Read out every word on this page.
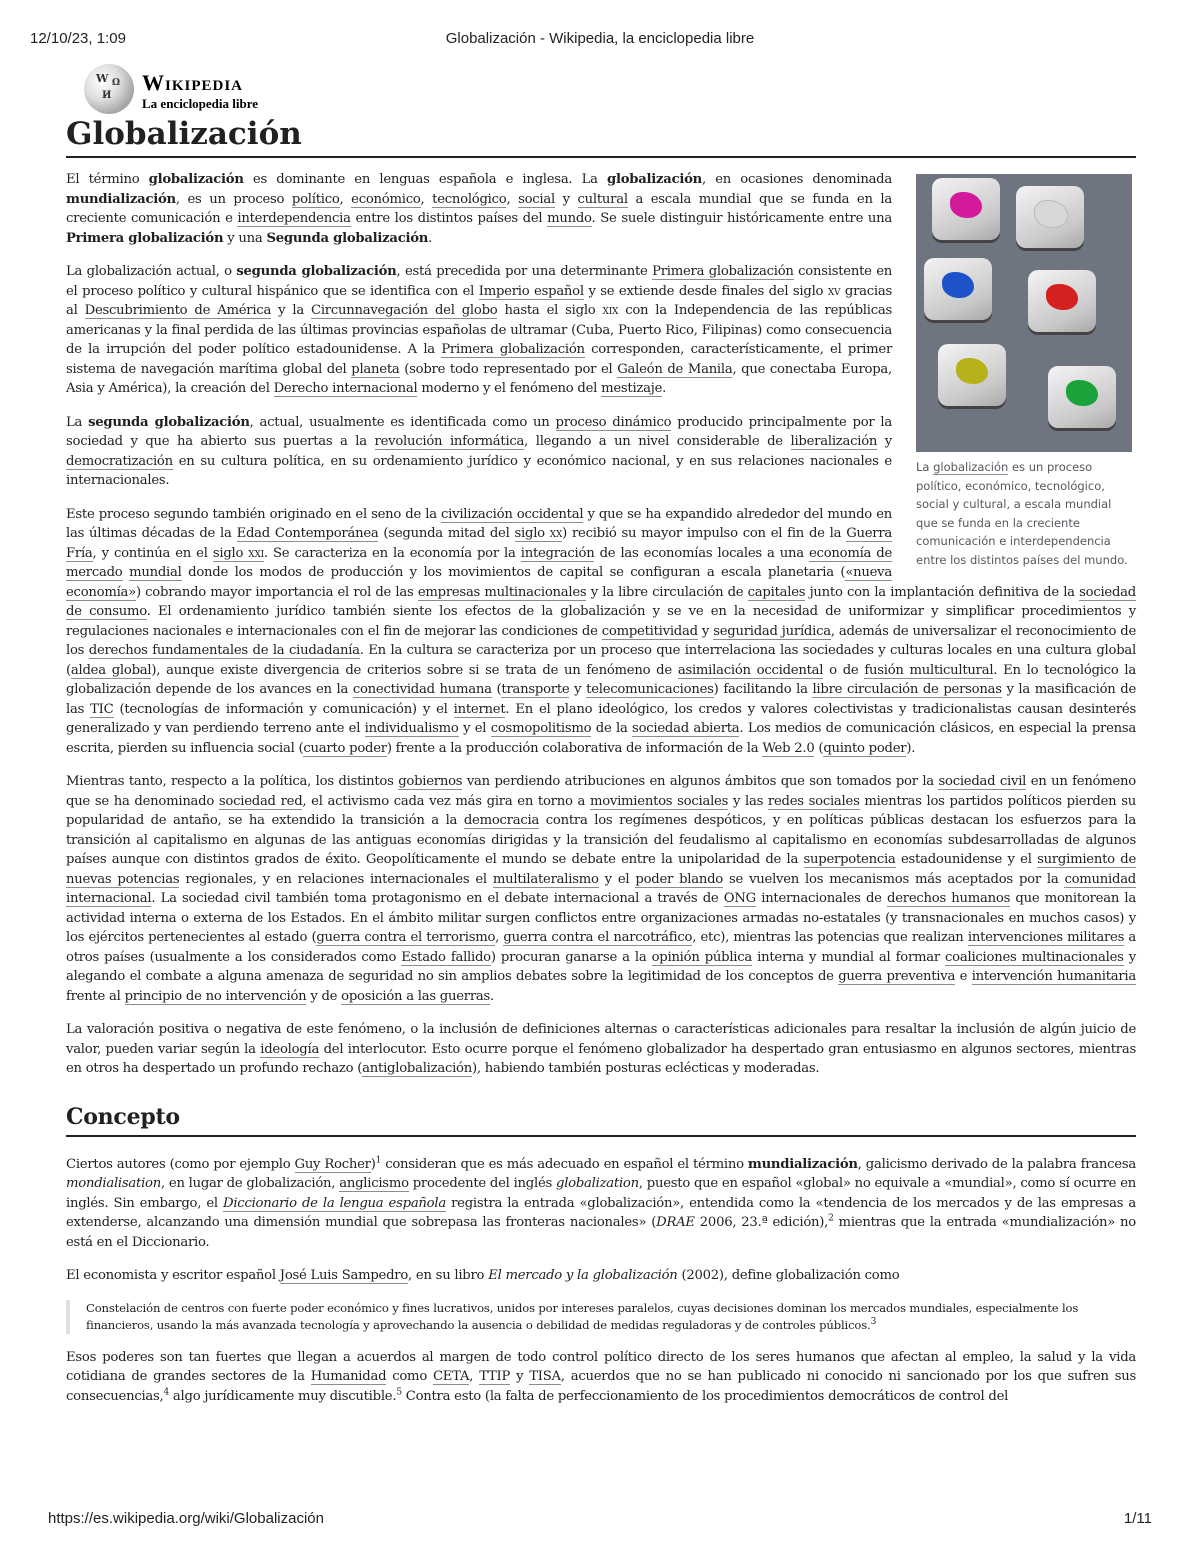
12/10/23, 1:09	Globalización - Wikipedia, la enciclopedia libre
W Ω
И
Wikipedia
La enciclopedia libre
Globalización
La globalización es un proceso político, económico, tecnológico, social y cultural, a escala mundial que se funda en la creciente comunicación e interdependencia entre los distintos países del mundo.

El término globalización es dominante en lenguas española e inglesa. La globalización, en ocasiones denominada mundialización, es un proceso político, económico, tecnológico, social y cultural a escala mundial que se funda en la creciente comunicación e interdependencia entre los distintos países del mundo. Se suele distinguir históricamente entre una Primera globalización y una Segunda globalización.

La globalización actual, o segunda globalización, está precedida por una determinante Primera globalización consistente en el proceso político y cultural hispánico que se identifica con el Imperio español y se extiende desde finales del siglo xv gracias al Descubrimiento de América y la Circunnavegación del globo hasta el siglo xix con la Independencia de las repúblicas americanas y la final perdida de las últimas provincias españolas de ultramar (Cuba, Puerto Rico, Filipinas) como consecuencia de la irrupción del poder político estadounidense. A la Primera globalización corresponden, característicamente, el primer sistema de navegación marítima global del planeta (sobre todo representado por el Galeón de Manila, que conectaba Europa, Asia y América), la creación del Derecho internacional moderno y el fenómeno del mestizaje.

La segunda globalización, actual, usualmente es identificada como un proceso dinámico producido principalmente por la sociedad y que ha abierto sus puertas a la revolución informática, llegando a un nivel considerable de liberalización y democratización en su cultura política, en su ordenamiento jurídico y económico nacional, y en sus relaciones nacionales e internacionales.

Este proceso segundo también originado en el seno de la civilización occidental y que se ha expandido alrededor del mundo en las últimas décadas de la Edad Contemporánea (segunda mitad del siglo xx) recibió su mayor impulso con el fin de la Guerra Fría, y continúa en el siglo xxi. Se caracteriza en la economía por la integración de las economías locales a una economía de mercado mundial donde los modos de producción y los movimientos de capital se configuran a escala planetaria («nueva economía») cobrando mayor importancia el rol de las empresas multinacionales y la libre circulación de capitales junto con la implantación definitiva de la sociedad de consumo. El ordenamiento jurídico también siente los efectos de la globalización y se ve en la necesidad de uniformizar y simplificar procedimientos y regulaciones nacionales e internacionales con el fin de mejorar las condiciones de competitividad y seguridad jurídica, además de universalizar el reconocimiento de los derechos fundamentales de la ciudadanía. En la cultura se caracteriza por un proceso que interrelaciona las sociedades y culturas locales en una cultura global (aldea global), aunque existe divergencia de criterios sobre si se trata de un fenómeno de asimilación occidental o de fusión multicultural. En lo tecnológico la globalización depende de los avances en la conectividad humana (transporte y telecomunicaciones) facilitando la libre circulación de personas y la masificación de las TIC (tecnologías de información y comunicación) y el internet. En el plano ideológico, los credos y valores colectivistas y tradicionalistas causan desinterés generalizado y van perdiendo terreno ante el individualismo y el cosmopolitismo de la sociedad abierta. Los medios de comunicación clásicos, en especial la prensa escrita, pierden su influencia social (cuarto poder) frente a la producción colaborativa de información de la Web 2.0 (quinto poder).

Mientras tanto, respecto a la política, los distintos gobiernos van perdiendo atribuciones en algunos ámbitos que son tomados por la sociedad civil en un fenómeno que se ha denominado sociedad red, el activismo cada vez más gira en torno a movimientos sociales y las redes sociales mientras los partidos políticos pierden su popularidad de antaño, se ha extendido la transición a la democracia contra los regímenes despóticos, y en políticas públicas destacan los esfuerzos para la transición al capitalismo en algunas de las antiguas economías dirigidas y la transición del feudalismo al capitalismo en economías subdesarrolladas de algunos países aunque con distintos grados de éxito. Geopolíticamente el mundo se debate entre la unipolaridad de la superpotencia estadounidense y el surgimiento de nuevas potencias regionales, y en relaciones internacionales el multilateralismo y el poder blando se vuelven los mecanismos más aceptados por la comunidad internacional. La sociedad civil también toma protagonismo en el debate internacional a través de ONG internacionales de derechos humanos que monitorean la actividad interna o externa de los Estados. En el ámbito militar surgen conflictos entre organizaciones armadas no-estatales (y transnacionales en muchos casos) y los ejércitos pertenecientes al estado (guerra contra el terrorismo, guerra contra el narcotráfico, etc), mientras las potencias que realizan intervenciones militares a otros países (usualmente a los considerados como Estado fallido) procuran ganarse a la opinión pública interna y mundial al formar coaliciones multinacionales y alegando el combate a alguna amenaza de seguridad no sin amplios debates sobre la legitimidad de los conceptos de guerra preventiva e intervención humanitaria frente al principio de no intervención y de oposición a las guerras.

La valoración positiva o negativa de este fenómeno, o la inclusión de definiciones alternas o características adicionales para resaltar la inclusión de algún juicio de valor, pueden variar según la ideología del interlocutor. Esto ocurre porque el fenómeno globalizador ha despertado gran entusiasmo en algunos sectores, mientras en otros ha despertado un profundo rechazo (antiglobalización), habiendo también posturas eclécticas y moderadas.

Concepto

Ciertos autores (como por ejemplo Guy Rocher)$^1$ consideran que es más adecuado en español el término mundialización, galicismo derivado de la palabra francesa mondialisation, en lugar de globalización, anglicismo procedente del inglés globalization, puesto que en español «global» no equivale a «mundial», como sí ocurre en inglés. Sin embargo, el Diccionario de la lengua española registra la entrada «globalización», entendida como la «tendencia de los mercados y de las empresas a extenderse, alcanzando una dimensión mundial que sobrepasa las fronteras nacionales» (DRAE 2006, 23.ª edición),$^2$ mientras que la entrada «mundialización» no está en el Diccionario.

El economista y escritor español José Luis Sampedro, en su libro El mercado y la globalización (2002), define globalización como

Constelación de centros con fuerte poder económico y fines lucrativos, unidos por intereses paralelos, cuyas decisiones dominan los mercados mundiales, especialmente los financieros, usando la más avanzada tecnología y aprovechando la ausencia o debilidad de medidas reguladoras y de controles públicos.$^3$

Esos poderes son tan fuertes que llegan a acuerdos al margen de todo control político directo de los seres humanos que afectan al empleo, la salud y la vida cotidiana de grandes sectores de la Humanidad como CETA, TTIP y TISA, acuerdos que no se han publicado ni conocido ni sancionado por los que sufren sus consecuencias,$^4$ algo jurídicamente muy discutible.$^5$ Contra esto (la falta de perfeccionamiento de los procedimientos democráticos de control del

https://es.wikipedia.org/wiki/Globalización	1/11
